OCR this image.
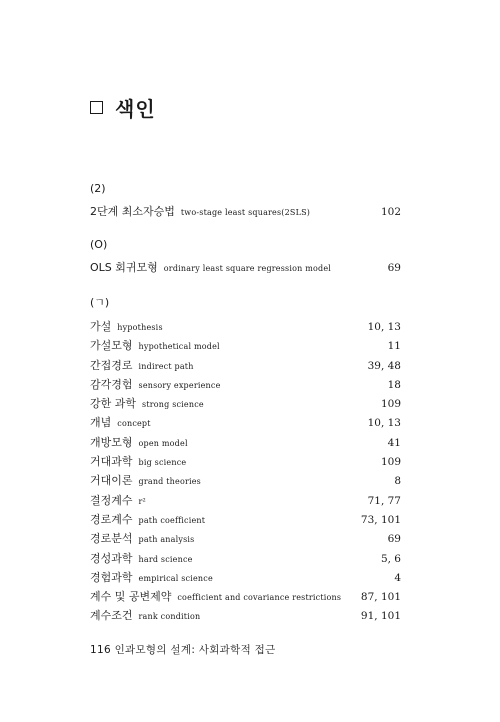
색인
(2)
2단계 최소자승법 two-stage least squares(2SLS)	102
(O)
OLS 회귀모형 ordinary least square regression model	69
(ㄱ)
가설 hypothesis	10, 13
가설모형 hypothetical model	11
간접경로 indirect path	39, 48
감각경험 sensory experience	18
강한 과학 strong science	109
개념 concept	10, 13
개방모형 open model	41
거대과학 big science	109
거대이론 grand theories	8
결정계수 r²	71, 77
경로계수 path coefficient	73, 101
경로분석 path analysis	69
경성과학 hard science	5, 6
경험과학 empirical science	4
계수 및 공변제약 coefficient and covariance restrictions 87, 101
계수조건 rank condition	91, 101
116 인과모형의 설계: 사회과학적 접근
